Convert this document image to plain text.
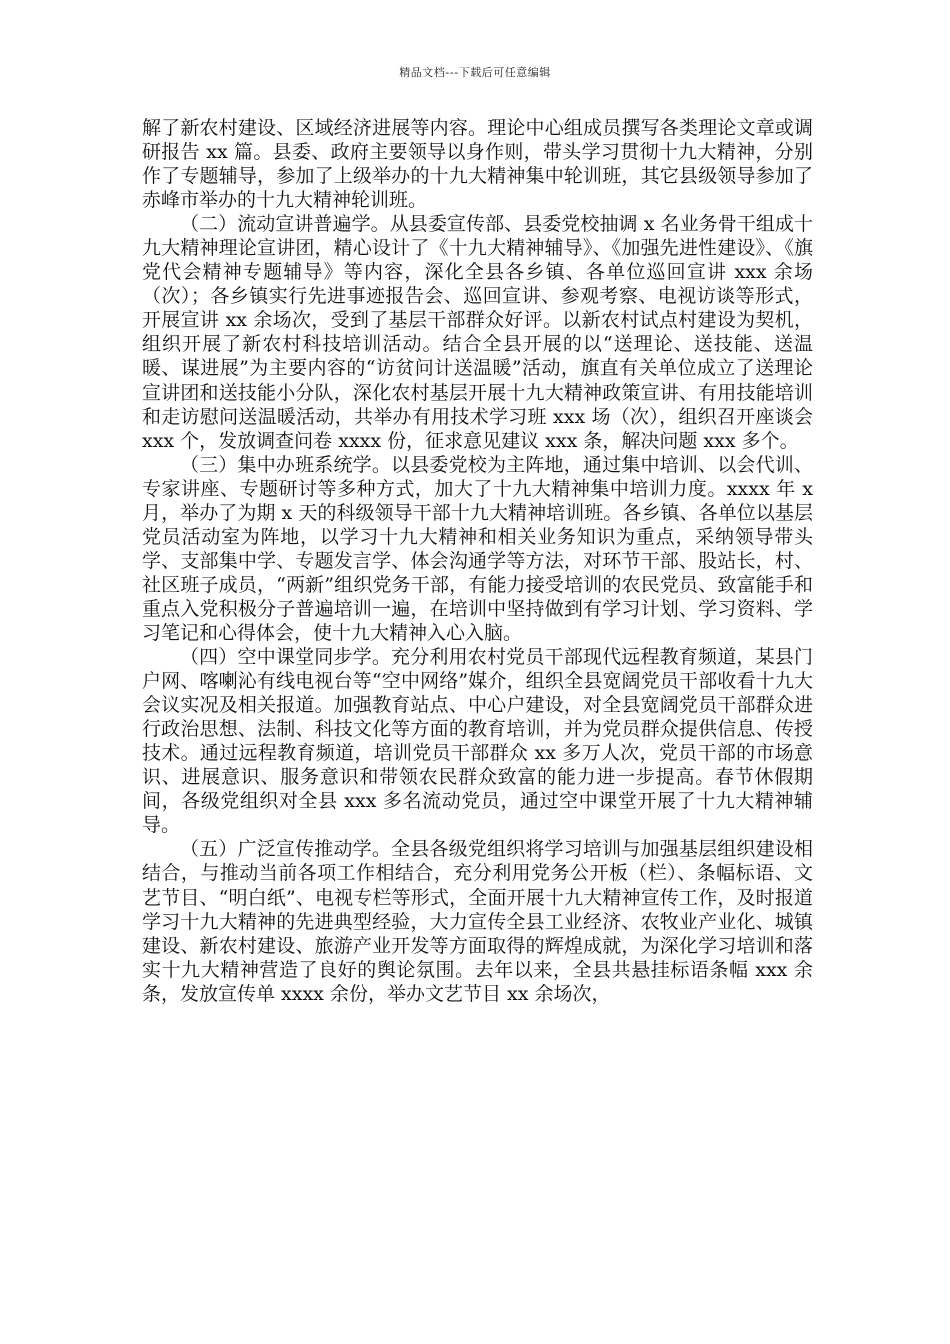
精品文档---下载后可任意编辑

解了新农村建设、区域经济进展等内容。理论中心组成员撰写各类理论文章或调研报告 xx 篇。县委、政府主要领导以身作则，带头学习贯彻十九大精神，分别作了专题辅导，参加了上级举办的十九大精神集中轮训班，其它县级领导参加了赤峰市举办的十九大精神轮训班。

（二）流动宣讲普遍学。从县委宣传部、县委党校抽调 x 名业务骨干组成十九大精神理论宣讲团，精心设计了《十九大精神辅导》、《加强先进性建设》、《旗党代会精神专题辅导》等内容，深化全县各乡镇、各单位巡回宣讲 xxx 余场（次）；各乡镇实行先进事迹报告会、巡回宣讲、参观考察、电视访谈等形式，开展宣讲 xx 余场次，受到了基层干部群众好评。以新农村试点村建设为契机，组织开展了新农村科技培训活动。结合全县开展的以“送理论、送技能、送温暖、谋进展”为主要内容的“访贫问计送温暖”活动，旗直有关单位成立了送理论宣讲团和送技能小分队，深化农村基层开展十九大精神政策宣讲、有用技能培训和走访慰问送温暖活动，共举办有用技术学习班 xxx 场（次），组织召开座谈会 xxx 个，发放调查问卷 xxxx 份，征求意见建议 xxx 条，解决问题 xxx 多个。

（三）集中办班系统学。以县委党校为主阵地，通过集中培训、以会代训、专家讲座、专题研讨等多种方式，加大了十九大精神集中培训力度。xxxx 年 x 月，举办了为期 x 天的科级领导干部十九大精神培训班。各乡镇、各单位以基层党员活动室为阵地，以学习十九大精神和相关业务知识为重点，采纳领导带头学、支部集中学、专题发言学、体会沟通学等方法，对环节干部、股站长，村、社区班子成员，“两新”组织党务干部，有能力接受培训的农民党员、致富能手和重点入党积极分子普遍培训一遍，在培训中坚持做到有学习计划、学习资料、学习笔记和心得体会，使十九大精神入心入脑。

（四）空中课堂同步学。充分利用农村党员干部现代远程教育频道，某县门户网、喀喇沁有线电视台等“空中网络”媒介，组织全县宽阔党员干部收看十九大会议实况及相关报道。加强教育站点、中心户建设，对全县宽阔党员干部群众进行政治思想、法制、科技文化等方面的教育培训，并为党员群众提供信息、传授技术。通过远程教育频道，培训党员干部群众 xx 多万人次，党员干部的市场意识、进展意识、服务意识和带领农民群众致富的能力进一步提高。春节休假期间，各级党组织对全县 xxx 多名流动党员，通过空中课堂开展了十九大精神辅导。

（五）广泛宣传推动学。全县各级党组织将学习培训与加强基层组织建设相结合，与推动当前各项工作相结合，充分利用党务公开板（栏）、条幅标语、文艺节目、“明白纸”、电视专栏等形式，全面开展十九大精神宣传工作，及时报道学习十九大精神的先进典型经验，大力宣传全县工业经济、农牧业产业化、城镇建设、新农村建设、旅游产业开发等方面取得的辉煌成就，为深化学习培训和落实十九大精神营造了良好的舆论氛围。去年以来，全县共悬挂标语条幅 xxx 余条，发放宣传单 xxxx 余份，举办文艺节目 xx 余场次，
